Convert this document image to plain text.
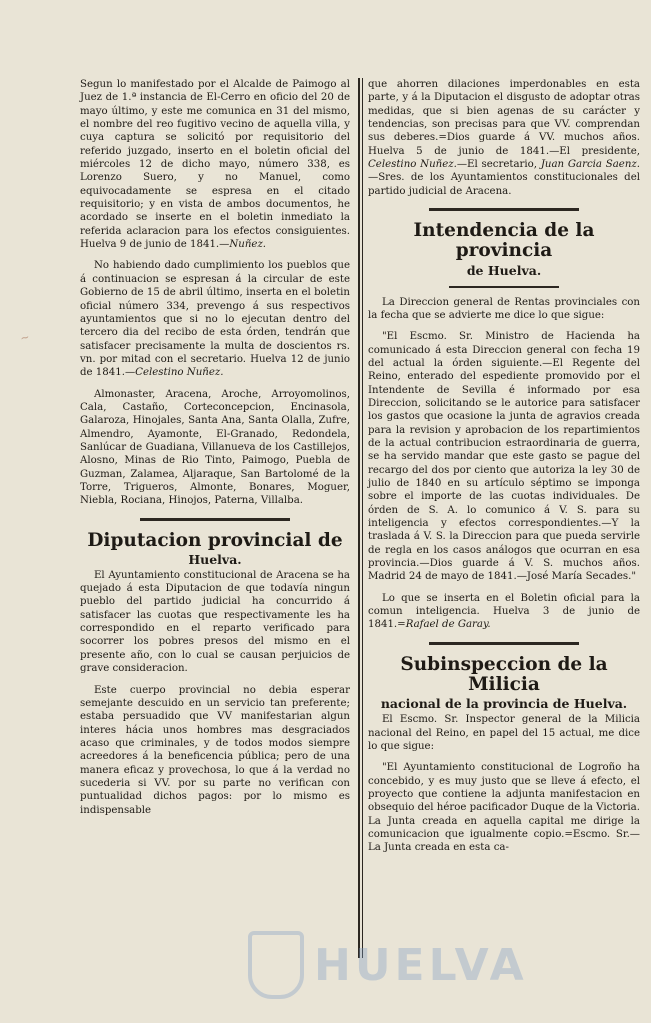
~

Segun lo manifestado por el Alcalde de Paimogo al Juez de 1.ª instancia de El-Cerro en oficio del 20 de mayo último, y este me comunica en 31 del mismo, el nombre del reo fugitivo vecino de aquella villa, y cuya captura se solicitó por requisitorio del referido juzgado, inserto en el boletin oficial del miércoles 12 de dicho mayo, número 338, es Lorenzo Suero, y no Manuel, como equivocadamente se espresa en el citado requisitorio; y en vista de ambos documentos, he acordado se inserte en el boletin inmediato la referida aclaracion para los efectos consiguientes. Huelva 9 de junio de 1841.—Nuñez.

No habiendo dado cumplimiento los pueblos que á continuacion se espresan á la circular de este Gobierno de 15 de abril último, inserta en el boletin oficial número 334, prevengo á sus respectivos ayuntamientos que si no lo ejecutan dentro del tercero dia del recibo de esta órden, tendrán que satisfacer precisamente la multa de doscientos rs. vn. por mitad con el secretario. Huelva 12 de junio de 1841.—Celestino Nuñez.

Almonaster, Aracena, Aroche, Arroyomolinos, Cala, Castaño, Corteconcepcion, Encinasola, Galaroza, Hinojales, Santa Ana, Santa Olalla, Zufre, Almendro, Ayamonte, El-Granado, Redondela, Sanlúcar de Guadiana, Villanueva de los Castillejos, Alosno, Minas de Rio Tinto, Paimogo, Puebla de Guzman, Zalamea, Aljaraque, San Bartolomé de la Torre, Trigueros, Almonte, Bonares, Moguer, Niebla, Rociana, Hinojos, Paterna, Villalba.

Diputacion provincial de
Huelva.

El Ayuntamiento constitucional de Aracena se ha quejado á esta Diputacion de que todavía ningun pueblo del partido judicial ha concurrido á satisfacer las cuotas que respectivamente les ha correspondido en el reparto verificado para socorrer los pobres presos del mismo en el presente año, con lo cual se causan perjuicios de grave consideracion.

Este cuerpo provincial no debia esperar semejante descuido en un servicio tan preferente; estaba persuadido que VV manifestarian algun interes hácia unos hombres mas desgraciados acaso que criminales, y de todos modos siempre acreedores á la beneficencia pública; pero de una manera eficaz y provechosa, lo que á la verdad no sucederia si VV. por su parte no verifican con puntualidad dichos pagos: por lo mismo es indispensable

que ahorren dilaciones imperdonables en esta parte, y á la Diputacion el disgusto de adoptar otras medidas, que si bien agenas de su carácter y tendencias, son precisas para que VV. comprendan sus deberes.=Dios guarde á VV. muchos años. Huelva 5 de junio de 1841.—El presidente, Celestino Nuñez.—El secretario, Juan Garcia Saenz.—Sres. de los Ayuntamientos constitucionales del partido judicial de Aracena.

Intendencia de la provincia
de Huelva.

La Direccion general de Rentas provinciales con la fecha que se advierte me dice lo que sigue:

"El Escmo. Sr. Ministro de Hacienda ha comunicado á esta Direccion general con fecha 19 del actual la órden siguiente.—El Regente del Reino, enterado del espediente promovido por el Intendente de Sevilla é informado por esa Direccion, solicitando se le autorice para satisfacer los gastos que ocasione la junta de agravios creada para la revision y aprobacion de los repartimientos de la actual contribucion estraordinaria de guerra, se ha servido mandar que este gasto se pague del recargo del dos por ciento que autoriza la ley 30 de julio de 1840 en su artículo séptimo se imponga sobre el importe de las cuotas individuales. De órden de S. A. lo comunico á V. S. para su inteligencia y efectos correspondientes.—Y la traslada á V. S. la Direccion para que pueda servirle de regla en los casos análogos que ocurran en esa provincia.—Dios guarde á V. S. muchos años. Madrid 24 de mayo de 1841.—José María Secades."

Lo que se inserta en el Boletin oficial para la comun inteligencia. Huelva 3 de junio de 1841.=Rafael de Garay.

Subinspeccion de la Milicia
nacional de la provincia de Huelva.

El Escmo. Sr. Inspector general de la Milicia nacional del Reino, en papel del 15 actual, me dice lo que sigue:

"El Ayuntamiento constitucional de Logroño ha concebido, y es muy justo que se lleve á efecto, el proyecto que contiene la adjunta manifestacion en obsequio del héroe pacificador Duque de la Victoria. La Junta creada en aquella capital me dirige la comunicacion que igualmente copio.=Escmo. Sr.—La Junta creada en esta ca-

HUELVA
